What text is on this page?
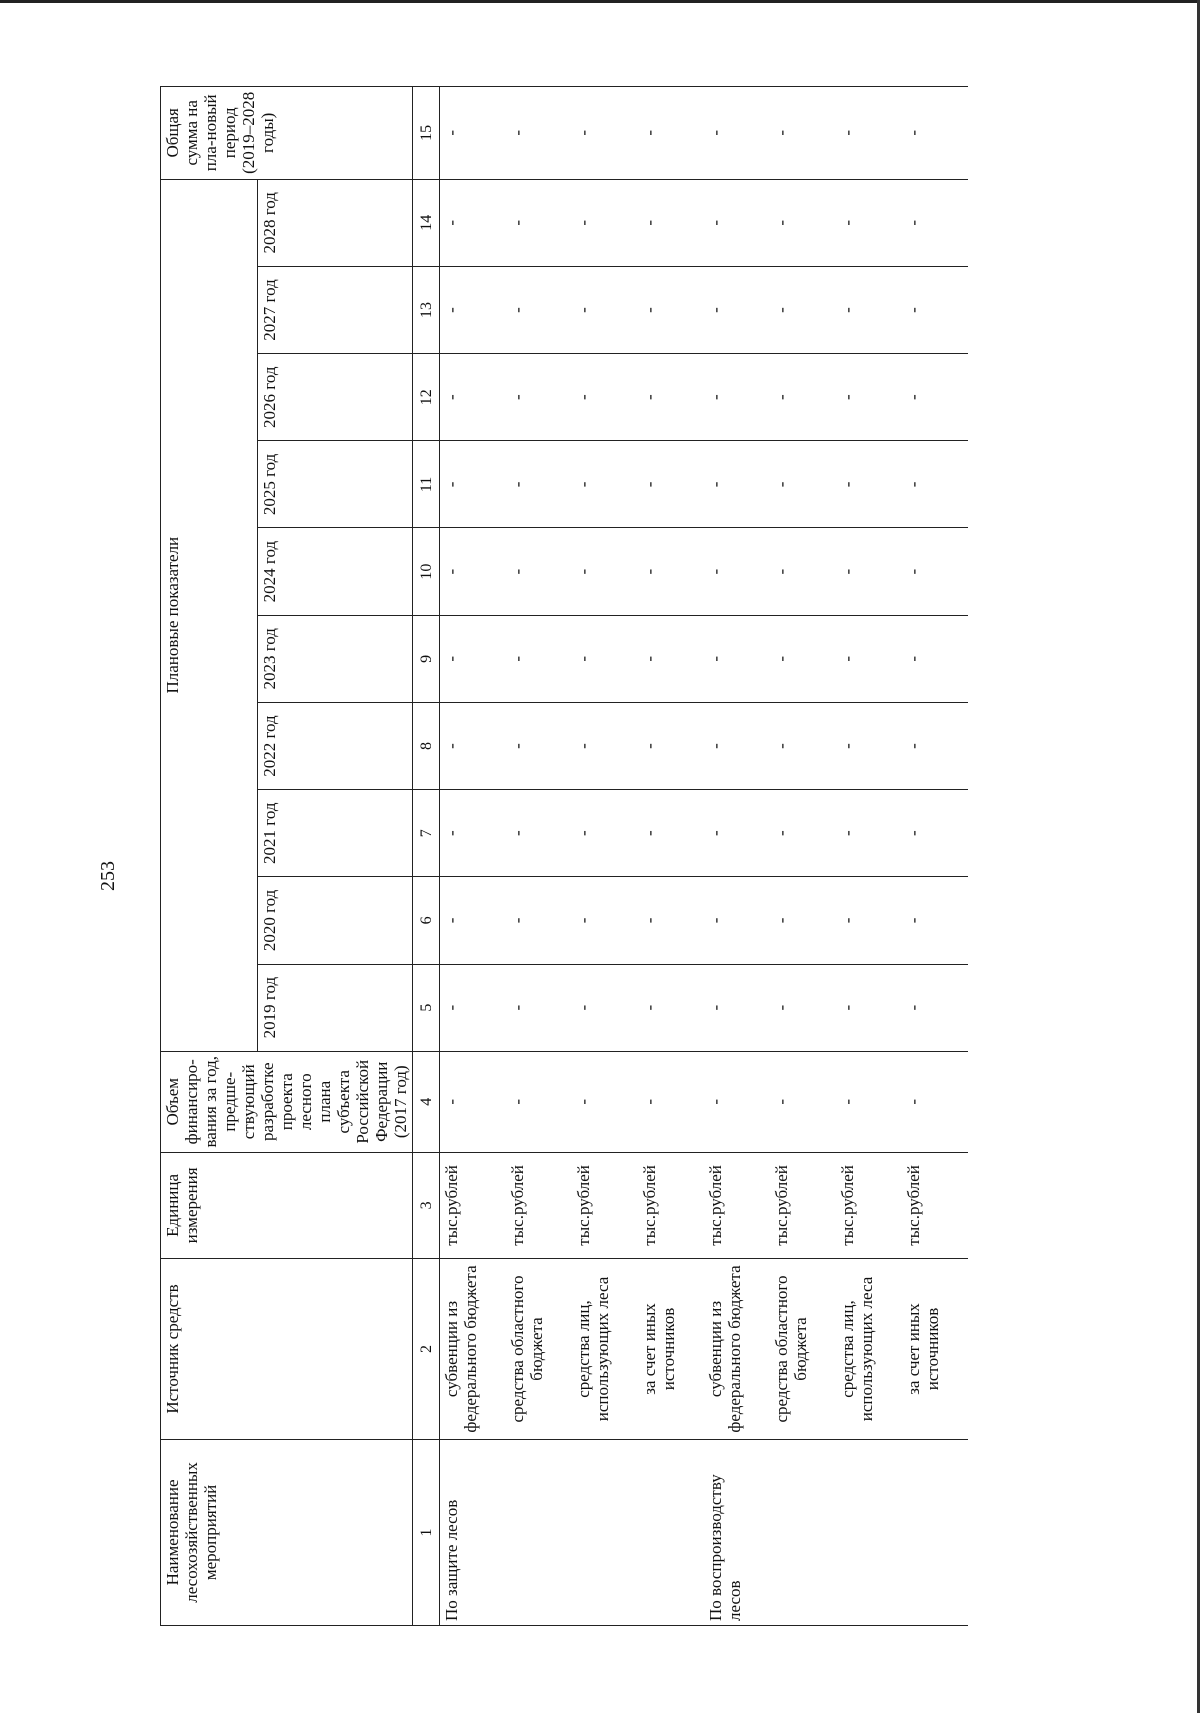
253
Наименование лесохозяйственных мероприятий	Источник средств	Единица измерения	Объем финансиро-вания за год, предше-ствующий разработке проекта лесного плана субъекта Российской Федерации (2017 год)	Плановые показатели										Общая сумма на пла-новый период (2019–2028 годы)
				2019 год	2020 год	2021 год	2022 год	2023 год	2024 год	2025 год	2026 год	2027 год	2028 год	
1	2	3	4	5	6	7	8	9	10	11	12	13	14	15
По защите лесов	субвенции из федерального бюджета	тыс.рублей	-	-	-	-	-	-	-	-	-	-	-	-
	средства областного бюджета	тыс.рублей	-	-	-	-	-	-	-	-	-	-	-	-
	средства лиц, использующих леса	тыс.рублей	-	-	-	-	-	-	-	-	-	-	-	-
	за счет иных источников	тыс.рублей	-	-	-	-	-	-	-	-	-	-	-	-
По воспроизводству лесов	субвенции из федерального бюджета	тыс.рублей	-	-	-	-	-	-	-	-	-	-	-	-
	средства областного бюджета	тыс.рублей	-	-	-	-	-	-	-	-	-	-	-	-
	средства лиц, использующих леса	тыс.рублей	-	-	-	-	-	-	-	-	-	-	-	-
	за счет иных источников	тыс.рублей	-	-	-	-	-	-	-	-	-	-	-	-
